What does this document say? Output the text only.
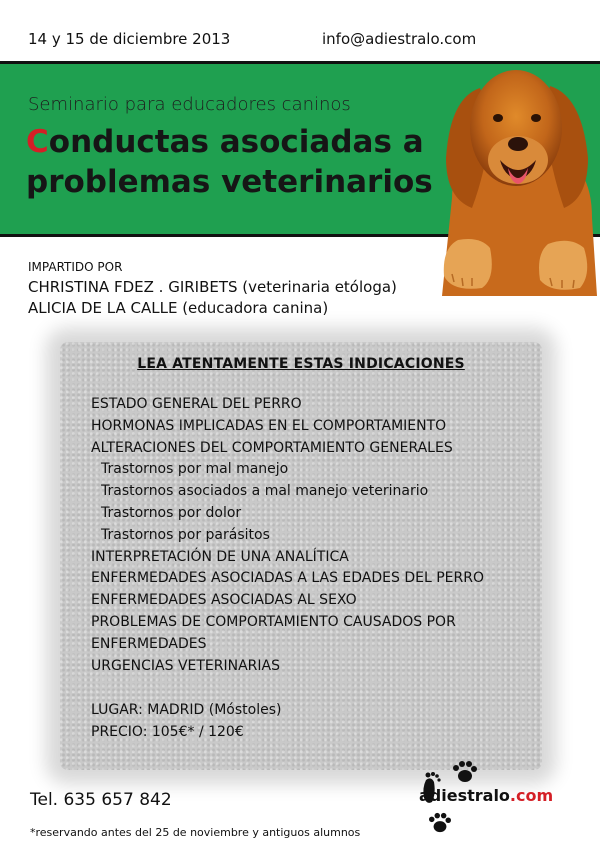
14 y 15 de diciembre 2013	info@adiestralo.com
Seminario para educadores caninos
Conductas asociadas a
problemas veterinarios
IMPARTIDO POR
CHRISTINA FDEZ . GIRIBETS (veterinaria etóloga)
ALICIA DE LA CALLE (educadora canina)
LEA ATENTAMENTE ESTAS INDICACIONES
ESTADO GENERAL DEL PERRO
HORMONAS IMPLICADAS EN EL COMPORTAMIENTO
ALTERACIONES DEL COMPORTAMIENTO GENERALES
Trastornos por mal manejo
Trastornos asociados a mal manejo veterinario
Trastornos por dolor
Trastornos por parásitos
INTERPRETACIÓN DE UNA ANALÍTICA
ENFERMEDADES ASOCIADAS A LAS EDADES DEL PERRO
ENFERMEDADES ASOCIADAS AL SEXO
PROBLEMAS DE COMPORTAMIENTO CAUSADOS POR
ENFERMEDADES
URGENCIAS VETERINARIAS
LUGAR: MADRID (Móstoles)
PRECIO: 105€* / 120€
Tel. 635 657 842
*reservando antes del 25 de noviembre y antiguos alumnos
adiestralo.com
